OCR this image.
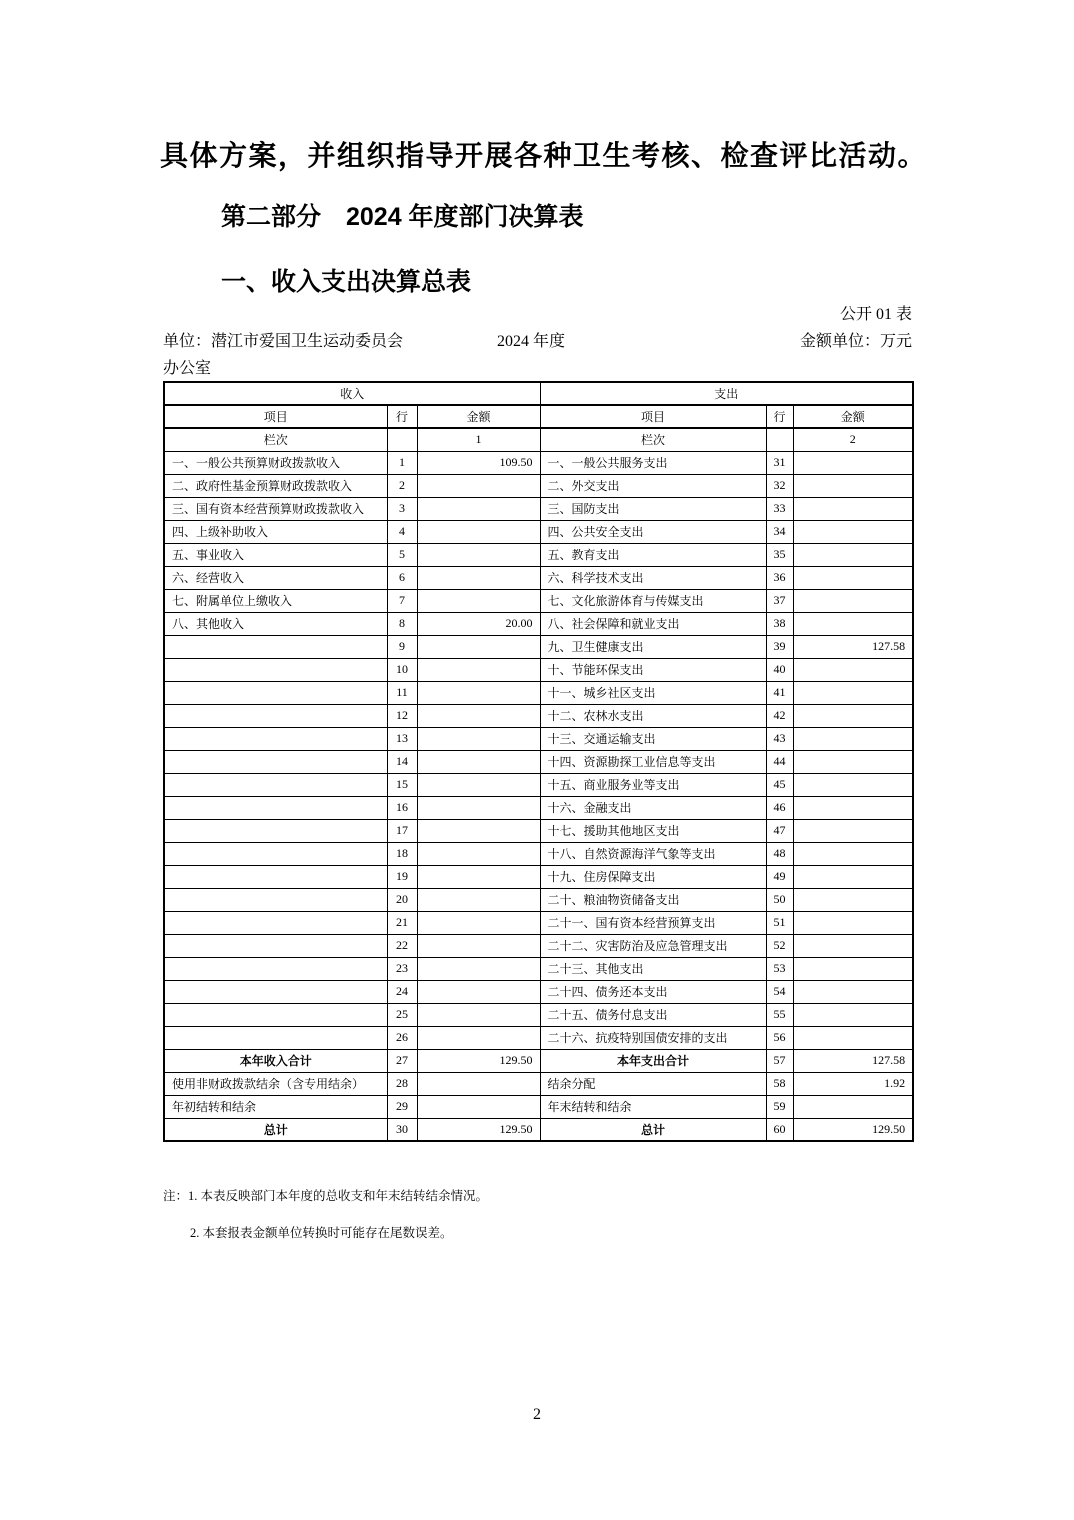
具体方案，并组织指导开展各种卫生考核、检查评比活动。
第二部分　2024 年度部门决算表
一、收入支出决算总表
公开 01 表
单位：潜江市爱国卫生运动委员会
办公室
2024 年度	金额单位：万元
收入			支出		
项目	行	金额	项目	行	金额
栏次		1	栏次		2
一、一般公共预算财政拨款收入	1	109.50	一、一般公共服务支出	31	
二、政府性基金预算财政拨款收入	2		二、外交支出	32	
三、国有资本经营预算财政拨款收入	3		三、国防支出	33	
四、上级补助收入	4		四、公共安全支出	34	
五、事业收入	5		五、教育支出	35	
六、经营收入	6		六、科学技术支出	36	
七、附属单位上缴收入	7		七、文化旅游体育与传媒支出	37	
八、其他收入	8	20.00	八、社会保障和就业支出	38	
	9		九、卫生健康支出	39	127.58
	10		十、节能环保支出	40	
	11		十一、城乡社区支出	41	
	12		十二、农林水支出	42	
	13		十三、交通运输支出	43	
	14		十四、资源勘探工业信息等支出	44	
	15		十五、商业服务业等支出	45	
	16		十六、金融支出	46	
	17		十七、援助其他地区支出	47	
	18		十八、自然资源海洋气象等支出	48	
	19		十九、住房保障支出	49	
	20		二十、粮油物资储备支出	50	
	21		二十一、国有资本经营预算支出	51	
	22		二十二、灾害防治及应急管理支出	52	
	23		二十三、其他支出	53	
	24		二十四、债务还本支出	54	
	25		二十五、债务付息支出	55	
	26		二十六、抗疫特别国债安排的支出	56	
本年收入合计	27	129.50	本年支出合计	57	127.58
使用非财政拨款结余（含专用结余）	28		结余分配	58	1.92
年初结转和结余	29		年末结转和结余	59	
总计	30	129.50	总计	60	129.50
注：1. 本表反映部门本年度的总收支和年末结转结余情况。
2. 本套报表金额单位转换时可能存在尾数误差。
2
